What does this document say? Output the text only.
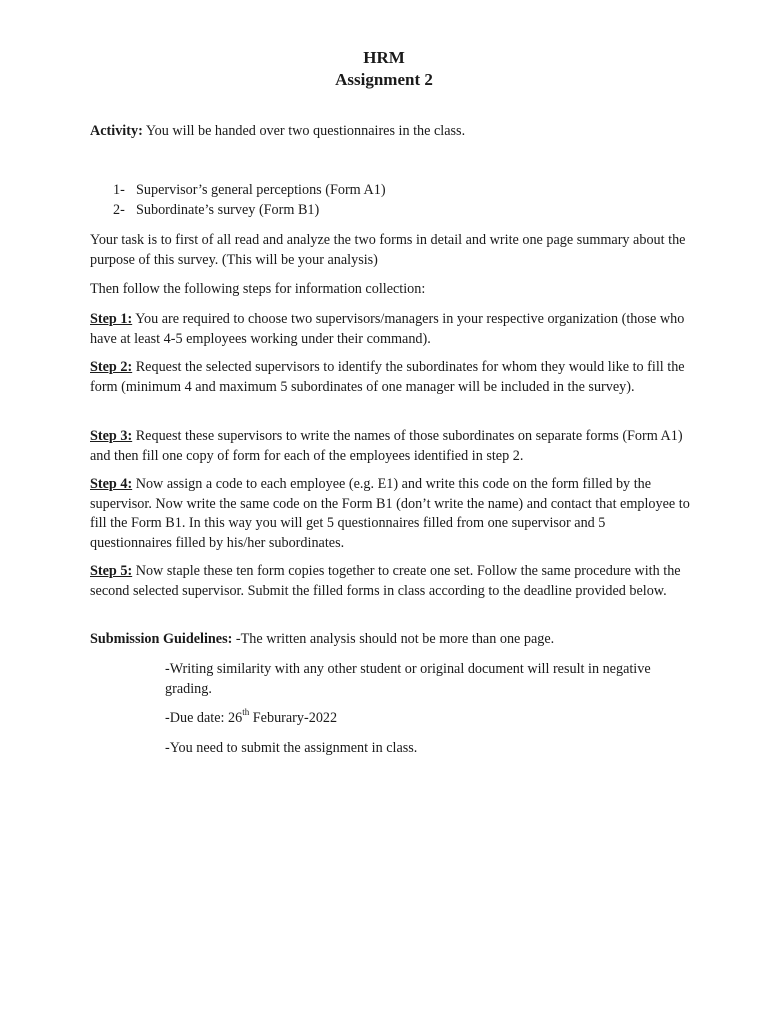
HRM
Assignment 2

Activity: You will be handed over two questionnaires in the class.

1- Supervisor’s general perceptions (Form A1)
2- Subordinate’s survey (Form B1)

Your task is to first of all read and analyze the two forms in detail and write one page summary about the purpose of this survey. (This will be your analysis)

Then follow the following steps for information collection:

Step 1: You are required to choose two supervisors/managers in your respective organization (those who have at least 4-5 employees working under their command).

Step 2: Request the selected supervisors to identify the subordinates for whom they would like to fill the form (minimum 4 and maximum 5 subordinates of one manager will be included in the survey).

Step 3: Request these supervisors to write the names of those subordinates on separate forms (Form A1) and then fill one copy of form for each of the employees identified in step 2.

Step 4: Now assign a code to each employee (e.g. E1) and write this code on the form filled by the supervisor. Now write the same code on the Form B1 (don’t write the name) and contact that employee to fill the Form B1. In this way you will get 5 questionnaires filled from one supervisor and 5 questionnaires filled by his/her subordinates.

Step 5: Now staple these ten form copies together to create one set. Follow the same procedure with the second selected supervisor. Submit the filled forms in class according to the deadline provided below.

Submission Guidelines: -The written analysis should not be more than one page.

-Writing similarity with any other student or original document will result in negative grading.

-Due date: 26th Feburary-2022

-You need to submit the assignment in class.
